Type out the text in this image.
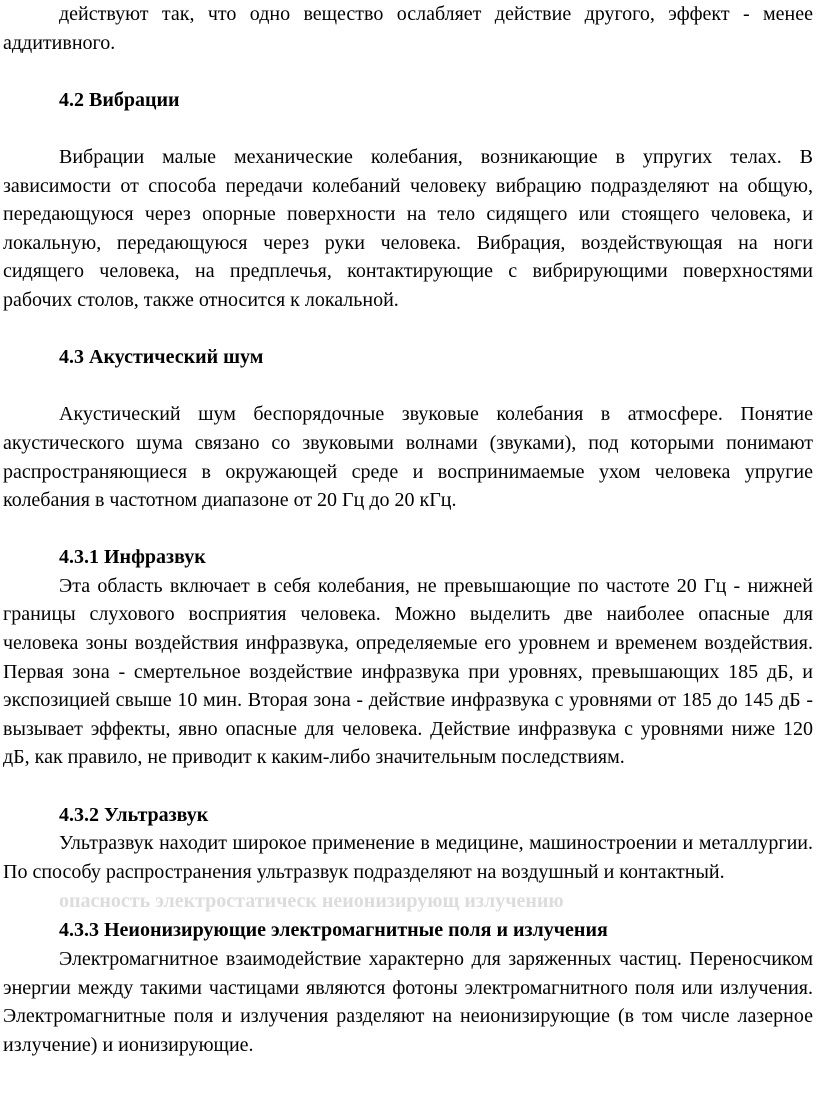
действуют так, что одно вещество ослабляет действие другого, эффект - менее аддитивного.

4.2 Вибрации

Вибрации малые механические колебания, возникающие в упругих телах. В зависимости от способа передачи колебаний человеку вибрацию подразделяют на общую, передающуюся через опорные поверхности на тело сидящего или стоящего человека, и локальную, передающуюся через руки человека. Вибрация, воздействующая на ноги сидящего человека, на предплечья, контактирующие с вибрирующими поверхностями рабочих столов, также относится к локальной.

4.3 Акустический шум

Акустический шум беспорядочные звуковые колебания в атмосфере. Понятие акустического шума связано со звуковыми волнами (звуками), под которыми понимают распространяющиеся в окружающей среде и воспринимаемые ухом человека упругие колебания в частотном диапазоне от 20 Гц до 20 кГц.

4.3.1 Инфразвук

Эта область включает в себя колебания, не превышающие по частоте 20 Гц - нижней границы слухового восприятия человека. Можно выделить две наиболее опасные для человека зоны воздействия инфразвука, определяемые его уровнем и временем воздействия. Первая зона - смертельное воздействие инфразвука при уровнях, превышающих 185 дБ, и экспозицией свыше 10 мин. Вторая зона - действие инфразвука с уровнями от 185 до 145 дБ - вызывает эффекты, явно опасные для человека. Действие инфразвука с уровнями ниже 120 дБ, как правило, не приводит к каким-либо значительным последствиям.

4.3.2 Ультразвук

Ультразвук находит широкое применение в медицине, машиностроении и металлургии. По способу распространения ультразвук подразделяют на воздушный и контактный.

опасность электростатическ неионизирующ излучению
4.3.3 Неионизирующие электромагнитные поля и излучения

Электромагнитное взаимодействие характерно для заряженных частиц. Переносчиком энергии между такими частицами являются фотоны электромагнитного поля или излучения. Электромагнитные поля и излучения разделяют на неионизирующие (в том числе лазерное излучение) и ионизирующие.
